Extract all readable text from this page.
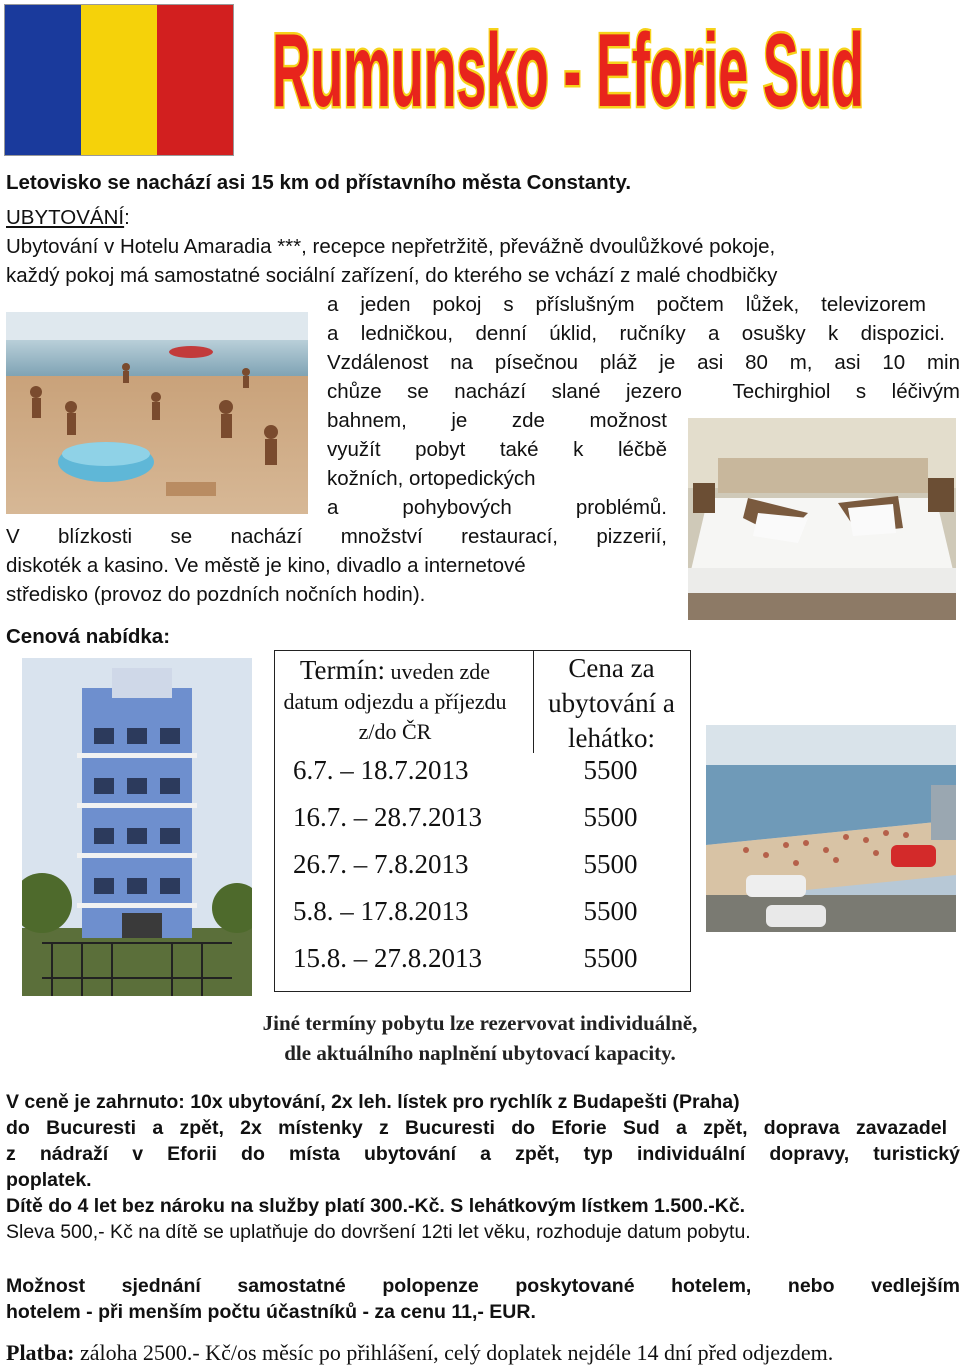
Rumunsko - Eforie Sud

Letovisko se nachází asi 15 km od přístavního města Constanty.

UBYTOVÁNÍ:

Ubytování v Hotelu Amaradia ***, recepce nepřetržitě, převážně dvoulůžkové pokoje,

každý pokoj má samostatné sociální zařízení, do kterého se vchází z malé chodbičky

a jeden pokoj s příslušným počtem lůžek, televizorem

a ledničkou, denní úklid, ručníky a osušky k dispozici.

Vzdálenost na písečnou pláž je asi 80 m, asi 10 min

chůze se nachází slané jezero  Techirghiol s léčivým

bahnem, je zde možnost

využít pobyt také k léčbě

kožních, ortopedických

a pohybových problémů.

V blízkosti se nachází množství restaurací, pizzerií,

diskoték a kasino. Ve městě je kino, divadlo a internetové

středisko (provoz do pozdních nočních hodin).

Cenová nabídka:

Termín: uveden zde datum odjezdu a příjezdu z/do ČR
Cena za ubytování a lehátko:
6.7. – 18.7.2013	5500
16.7. – 28.7.2013	5500
26.7. – 7.8.2013	5500
5.8. – 17.8.2013	5500
15.8. – 27.8.2013	5500
Jiné termíny pobytu lze rezervovat individuálně,
dle aktuálního naplnění ubytovací kapacity.

V ceně je zahrnuto: 10x ubytování, 2x leh. lístek pro rychlík z Budapešti (Praha)

do Bucuresti a zpět, 2x místenky z Bucuresti do Eforie Sud a zpět, doprava zavazadel

z  nádraží  v  Eforii  do  místa  ubytování  a  zpět,  typ  individuální  dopravy,  turistický

poplatek.

Dítě do 4 let bez nároku na služby platí 300.-Kč. S lehátkovým lístkem 1.500.-Kč.

Sleva 500,- Kč na dítě se uplatňuje do dovršení 12ti let věku, rozhoduje datum pobytu.

Možnost  sjednání  samostatné  polopenze  poskytované  hotelem,  nebo  vedlejším

hotelem - při menším počtu účastníků - za cenu 11,- EUR.

Platba: záloha 2500.- Kč/os měsíc po přihlášení, celý doplatek nejdéle 14 dní před odjezdem.
